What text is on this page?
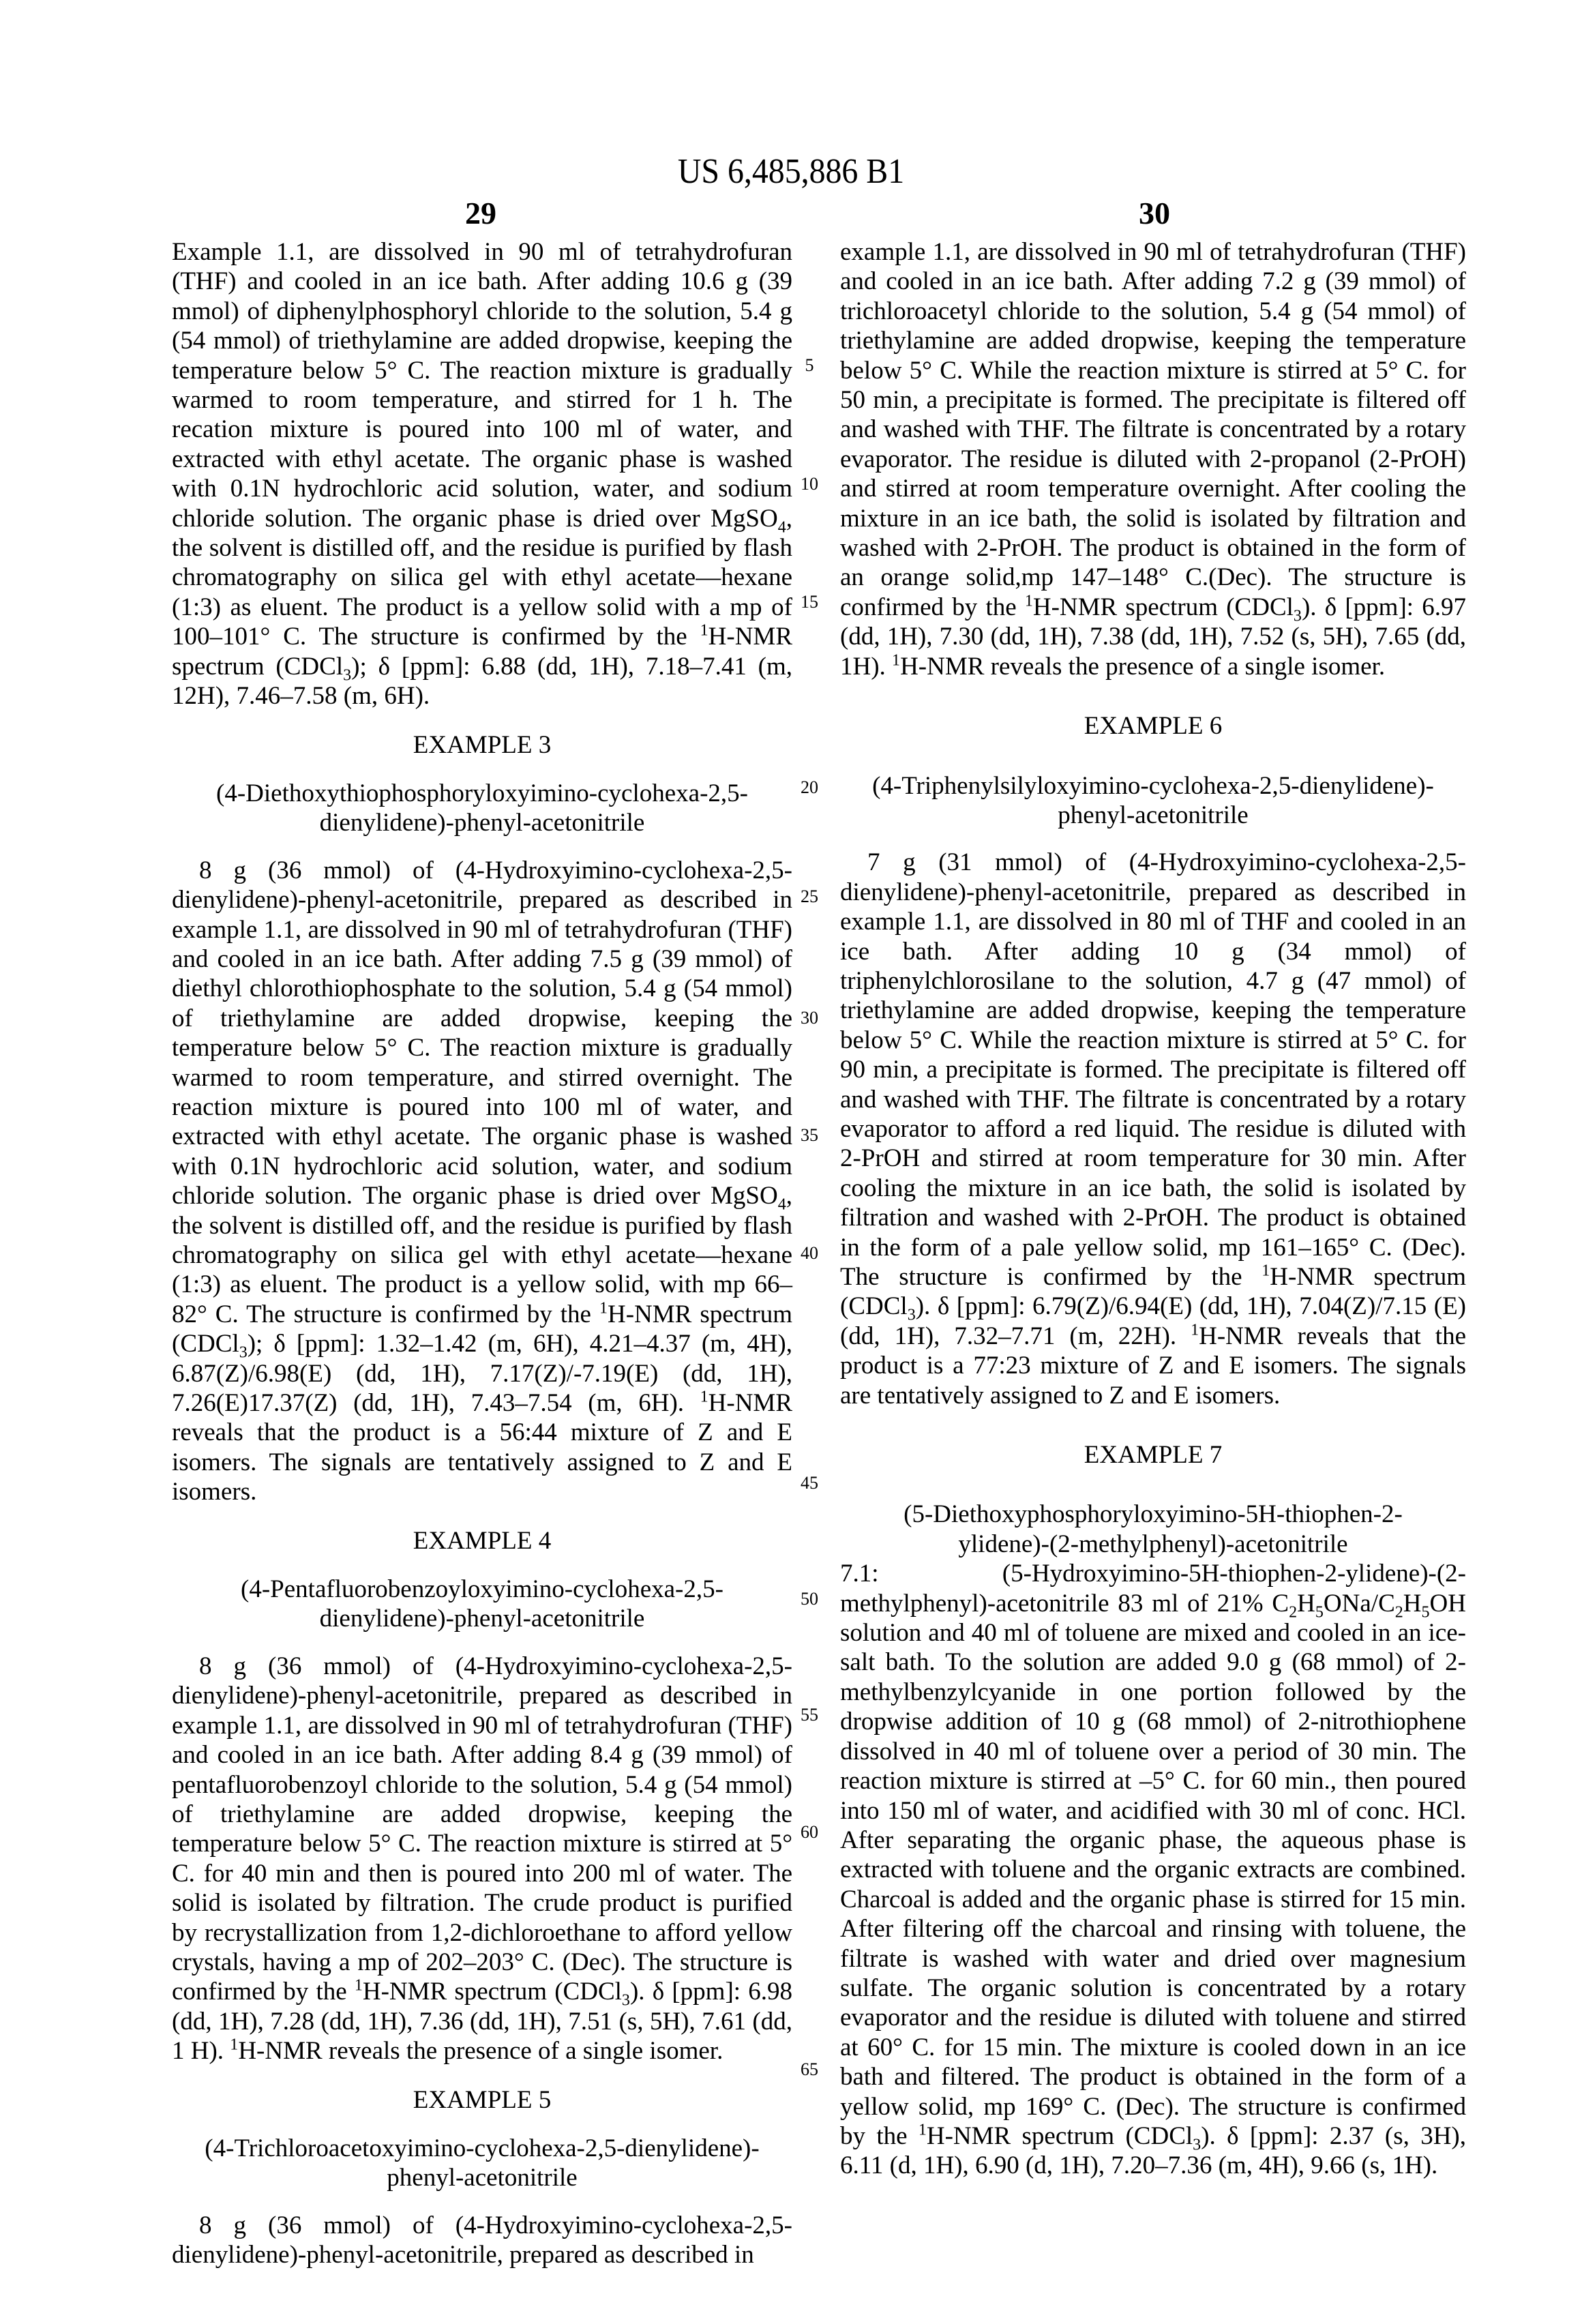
US 6,485,886 B1
29	30
5
10
15
20
25
30
35
40
45
50
55
60
65

Example 1.1, are dissolved in 90 ml of tetrahydrofuran (THF) and cooled in an ice bath. After adding 10.6 g (39 mmol) of diphenylphosphoryl chloride to the solution, 5.4 g (54 mmol) of triethylamine are added dropwise, keeping the temperature below 5° C. The reaction mixture is gradually warmed to room temperature, and stirred for 1 h. The recation mixture is poured into 100 ml of water, and extracted with ethyl acetate. The organic phase is washed with 0.1N hydrochloric acid solution, water, and sodium chloride solution. The organic phase is dried over MgSO$_4$, the solvent is distilled off, and the residue is purified by flash chromatography on silica gel with ethyl acetate—hexane (1:3) as eluent. The product is a yellow solid with a mp of 100–101° C. The structure is confirmed by the $^1$H-NMR spectrum (CDCl$_3$); δ [ppm]: 6.88 (dd, 1H), 7.18–7.41 (m, 12H), 7.46–7.58 (m, 6H).

EXAMPLE 3
(4-Diethoxythiophosphoryloxyimino-cyclohexa-2,5-dienylidene)-phenyl-acetonitrile

8 g (36 mmol) of (4-Hydroxyimino-cyclohexa-2,5-dienylidene)-phenyl-acetonitrile, prepared as described in example 1.1, are dissolved in 90 ml of tetrahydrofuran (THF) and cooled in an ice bath. After adding 7.5 g (39 mmol) of diethyl chlorothiophosphate to the solution, 5.4 g (54 mmol) of triethylamine are added dropwise, keeping the temperature below 5° C. The reaction mixture is gradually warmed to room temperature, and stirred overnight. The reaction mixture is poured into 100 ml of water, and extracted with ethyl acetate. The organic phase is washed with 0.1N hydrochloric acid solution, water, and sodium chloride solution. The organic phase is dried over MgSO$_4$, the solvent is distilled off, and the residue is purified by flash chromatography on silica gel with ethyl acetate—hexane (1:3) as eluent. The product is a yellow solid, with mp 66–82° C. The structure is confirmed by the $^1$H-NMR spectrum (CDCl$_3$); δ [ppm]: 1.32–1.42 (m, 6H), 4.21–4.37 (m, 4H), 6.87(Z)/6.98(E) (dd, 1H), 7.17(Z)/-7.19(E) (dd, 1H), 7.26(E)17.37(Z) (dd, 1H), 7.43–7.54 (m, 6H). $^1$H-NMR reveals that the product is a 56:44 mixture of Z and E isomers. The signals are tentatively assigned to Z and E isomers.

EXAMPLE 4
(4-Pentafluorobenzoyloxyimino-cyclohexa-2,5-dienylidene)-phenyl-acetonitrile

8 g (36 mmol) of (4-Hydroxyimino-cyclohexa-2,5-dienylidene)-phenyl-acetonitrile, prepared as described in example 1.1, are dissolved in 90 ml of tetrahydrofuran (THF) and cooled in an ice bath. After adding 8.4 g (39 mmol) of pentafluorobenzoyl chloride to the solution, 5.4 g (54 mmol) of triethylamine are added dropwise, keeping the temperature below 5° C. The reaction mixture is stirred at 5° C. for 40 min and then is poured into 200 ml of water. The solid is isolated by filtration. The crude product is purified by recrystallization from 1,2-dichloroethane to afford yellow crystals, having a mp of 202–203° C. (Dec). The structure is confirmed by the $^1$H-NMR spectrum (CDCl$_3$). δ [ppm]: 6.98 (dd, 1H), 7.28 (dd, 1H), 7.36 (dd, 1H), 7.51 (s, 5H), 7.61 (dd, 1 H). $^1$H-NMR reveals the presence of a single isomer.

EXAMPLE 5
(4-Trichloroacetoxyimino-cyclohexa-2,5-dienylidene)-phenyl-acetonitrile

8 g (36 mmol) of (4-Hydroxyimino-cyclohexa-2,5-dienylidene)-phenyl-acetonitrile, prepared as described in

example 1.1, are dissolved in 90 ml of tetrahydrofuran (THF) and cooled in an ice bath. After adding 7.2 g (39 mmol) of trichloroacetyl chloride to the solution, 5.4 g (54 mmol) of triethylamine are added dropwise, keeping the temperature below 5° C. While the reaction mixture is stirred at 5° C. for 50 min, a precipitate is formed. The precipitate is filtered off and washed with THF. The filtrate is concentrated by a rotary evaporator. The residue is diluted with 2-propanol (2-PrOH) and stirred at room temperature overnight. After cooling the mixture in an ice bath, the solid is isolated by filtration and washed with 2-PrOH. The product is obtained in the form of an orange solid,mp 147–148° C.(Dec). The structure is confirmed by the $^1$H-NMR spectrum (CDCl$_3$). δ [ppm]: 6.97 (dd, 1H), 7.30 (dd, 1H), 7.38 (dd, 1H), 7.52 (s, 5H), 7.65 (dd, 1H). $^1$H-NMR reveals the presence of a single isomer.

EXAMPLE 6
(4-Triphenylsilyloxyimino-cyclohexa-2,5-dienylidene)-phenyl-acetonitrile

7 g (31 mmol) of (4-Hydroxyimino-cyclohexa-2,5-dienylidene)-phenyl-acetonitrile, prepared as described in example 1.1, are dissolved in 80 ml of THF and cooled in an ice bath. After adding 10 g (34 mmol) of triphenylchlorosilane to the solution, 4.7 g (47 mmol) of triethylamine are added dropwise, keeping the temperature below 5° C. While the reaction mixture is stirred at 5° C. for 90 min, a precipitate is formed. The precipitate is filtered off and washed with THF. The filtrate is concentrated by a rotary evaporator to afford a red liquid. The residue is diluted with 2-PrOH and stirred at room temperature for 30 min. After cooling the mixture in an ice bath, the solid is isolated by filtration and washed with 2-PrOH. The product is obtained in the form of a pale yellow solid, mp 161–165° C. (Dec). The structure is confirmed by the $^1$H-NMR spectrum (CDCl$_3$). δ [ppm]: 6.79(Z)/6.94(E) (dd, 1H), 7.04(Z)/7.15 (E) (dd, 1H), 7.32–7.71 (m, 22H). $^1$H-NMR reveals that the product is a 77:23 mixture of Z and E isomers. The signals are tentatively assigned to Z and E isomers.

EXAMPLE 7
(5-Diethoxyphosphoryloxyimino-5H-thiophen-2-ylidene)-(2-methylphenyl)-acetonitrile

7.1: (5-Hydroxyimino-5H-thiophen-2-ylidene)-(2-methylphenyl)-acetonitrile 83 ml of 21% $C_2H_5ONa/C_2H_5OH$ solution and 40 ml of toluene are mixed and cooled in an ice-salt bath. To the solution are added 9.0 g (68 mmol) of 2-methylbenzylcyanide in one portion followed by the dropwise addition of 10 g (68 mmol) of 2-nitrothiophene dissolved in 40 ml of toluene over a period of 30 min. The reaction mixture is stirred at –5° C. for 60 min., then poured into 150 ml of water, and acidified with 30 ml of conc. HCl. After separating the organic phase, the aqueous phase is extracted with toluene and the organic extracts are combined. Charcoal is added and the organic phase is stirred for 15 min. After filtering off the charcoal and rinsing with toluene, the filtrate is washed with water and dried over magnesium sulfate. The organic solution is concentrated by a rotary evaporator and the residue is diluted with toluene and stirred at 60° C. for 15 min. The mixture is cooled down in an ice bath and filtered. The product is obtained in the form of a yellow solid, mp 169° C. (Dec). The structure is confirmed by the $^1$H-NMR spectrum (CDCl$_3$). δ [ppm]: 2.37 (s, 3H), 6.11 (d, 1H), 6.90 (d, 1H), 7.20–7.36 (m, 4H), 9.66 (s, 1H).
